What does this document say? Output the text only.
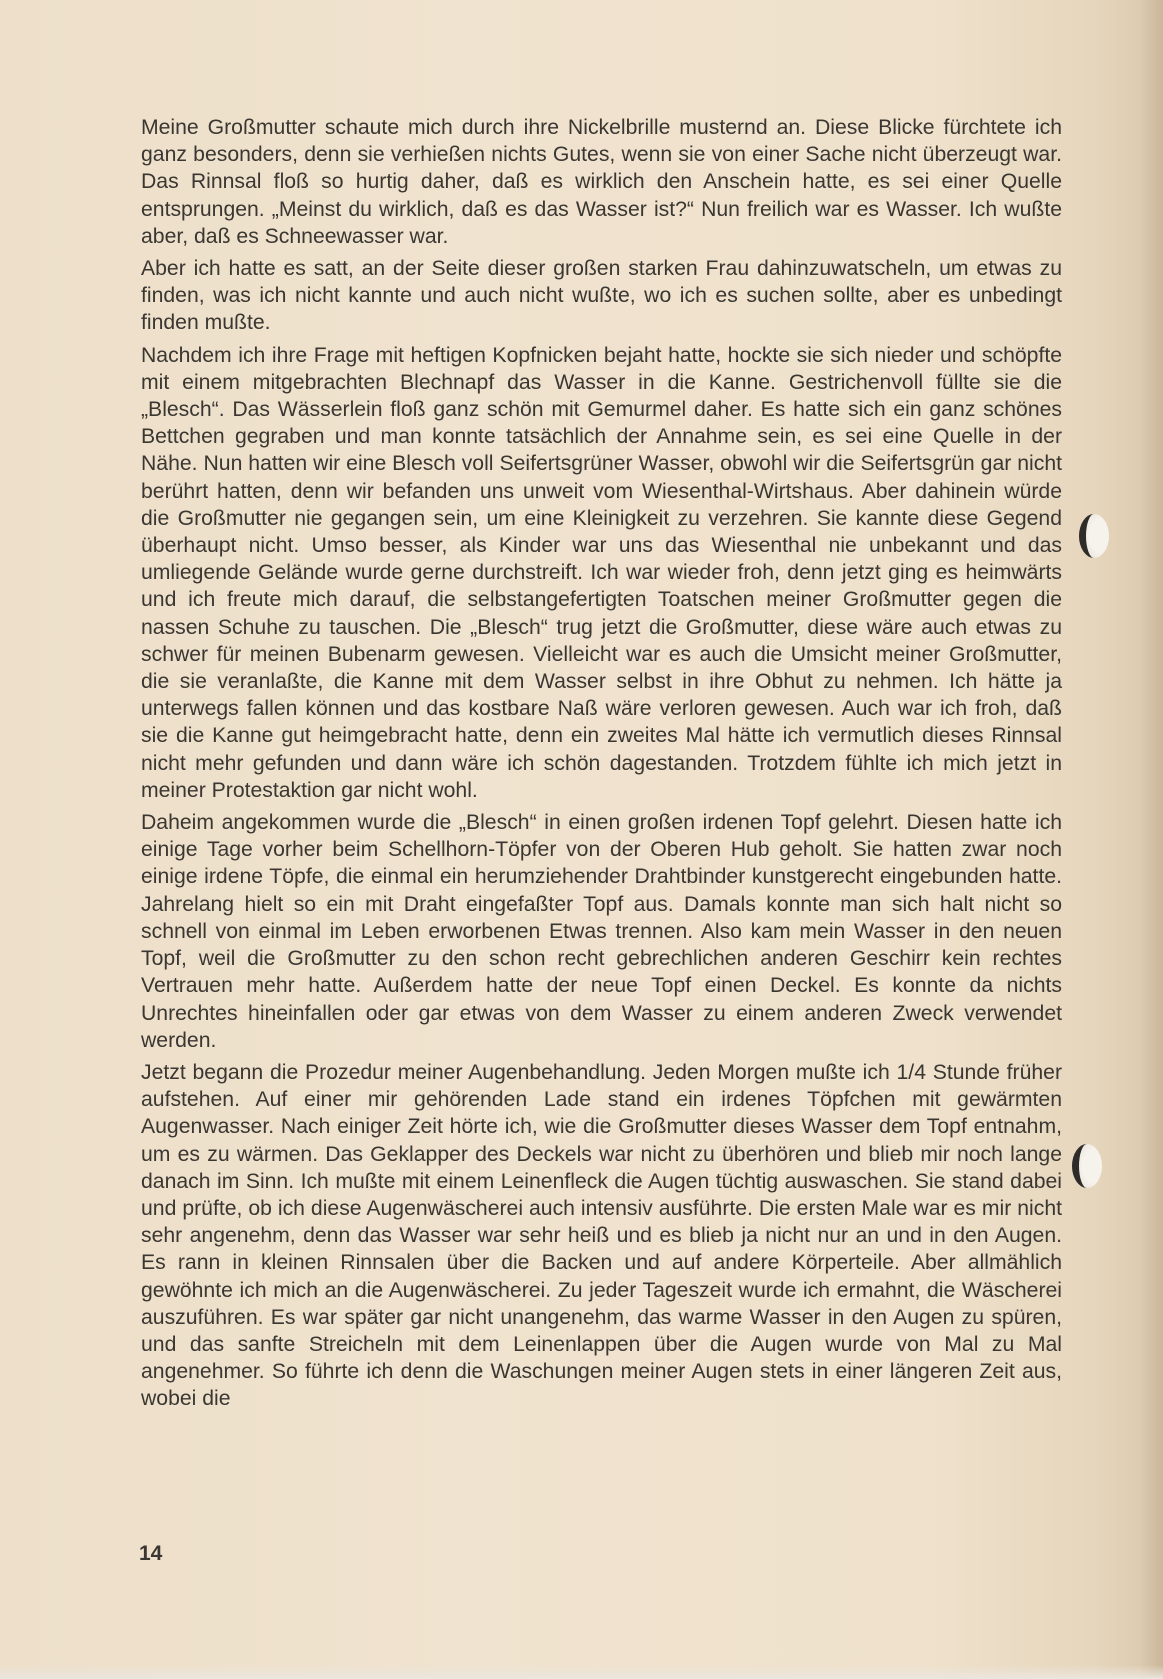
Meine Großmutter schaute mich durch ihre Nickelbrille musternd an. Diese Blicke fürchtete ich ganz besonders, denn sie verhießen nichts Gutes, wenn sie von einer Sache nicht überzeugt war. Das Rinnsal floß so hurtig daher, daß es wirklich den Anschein hatte, es sei einer Quelle entsprungen. „Meinst du wirklich, daß es das Wasser ist?“ Nun freilich war es Wasser. Ich wußte aber, daß es Schneewasser war.

Aber ich hatte es satt, an der Seite dieser großen starken Frau dahinzuwatscheln, um etwas zu finden, was ich nicht kannte und auch nicht wußte, wo ich es suchen sollte, aber es unbedingt finden mußte.

Nachdem ich ihre Frage mit heftigen Kopfnicken bejaht hatte, hockte sie sich nieder und schöpfte mit einem mitgebrachten Blechnapf das Wasser in die Kanne. Gestrichenvoll füllte sie die „Blesch“. Das Wässerlein floß ganz schön mit Gemurmel daher. Es hatte sich ein ganz schönes Bettchen gegraben und man konnte tatsächlich der Annahme sein, es sei eine Quelle in der Nähe. Nun hatten wir eine Blesch voll Seifertsgrüner Wasser, obwohl wir die Seifertsgrün gar nicht berührt hatten, denn wir befanden uns unweit vom Wiesenthal-Wirtshaus. Aber dahinein würde die Großmutter nie gegangen sein, um eine Kleinigkeit zu verzehren. Sie kannte diese Gegend überhaupt nicht. Umso besser, als Kinder war uns das Wiesenthal nie unbekannt und das umliegende Gelände wurde gerne durchstreift. Ich war wieder froh, denn jetzt ging es heimwärts und ich freute mich darauf, die selbstangefertigten Toatschen meiner Großmutter gegen die nassen Schuhe zu tauschen. Die „Blesch“ trug jetzt die Großmutter, diese wäre auch etwas zu schwer für meinen Bubenarm gewesen. Vielleicht war es auch die Umsicht meiner Großmutter, die sie veranlaßte, die Kanne mit dem Wasser selbst in ihre Obhut zu nehmen. Ich hätte ja unterwegs fallen können und das kostbare Naß wäre verloren gewesen. Auch war ich froh, daß sie die Kanne gut heimgebracht hatte, denn ein zweites Mal hätte ich vermutlich dieses Rinnsal nicht mehr gefunden und dann wäre ich schön dagestanden. Trotzdem fühlte ich mich jetzt in meiner Protestaktion gar nicht wohl.

Daheim angekommen wurde die „Blesch“ in einen großen irdenen Topf gelehrt. Diesen hatte ich einige Tage vorher beim Schellhorn-Töpfer von der Oberen Hub geholt. Sie hatten zwar noch einige irdene Töpfe, die einmal ein herumziehender Drahtbinder kunstgerecht eingebunden hatte. Jahrelang hielt so ein mit Draht eingefaßter Topf aus. Damals konnte man sich halt nicht so schnell von einmal im Leben erworbenen Etwas trennen. Also kam mein Wasser in den neuen Topf, weil die Großmutter zu den schon recht gebrechlichen anderen Geschirr kein rechtes Vertrauen mehr hatte. Außerdem hatte der neue Topf einen Deckel. Es konnte da nichts Unrechtes hineinfallen oder gar etwas von dem Wasser zu einem anderen Zweck verwendet werden.

Jetzt begann die Prozedur meiner Augenbehandlung. Jeden Morgen mußte ich 1/4 Stunde früher aufstehen. Auf einer mir gehörenden Lade stand ein irdenes Töpfchen mit gewärmten Augenwasser. Nach einiger Zeit hörte ich, wie die Großmutter dieses Wasser dem Topf entnahm, um es zu wärmen. Das Geklapper des Deckels war nicht zu überhören und blieb mir noch lange danach im Sinn. Ich mußte mit einem Leinenfleck die Augen tüchtig auswaschen. Sie stand dabei und prüfte, ob ich diese Augenwäscherei auch intensiv ausführte. Die ersten Male war es mir nicht sehr angenehm, denn das Wasser war sehr heiß und es blieb ja nicht nur an und in den Augen. Es rann in kleinen Rinnsalen über die Backen und auf andere Körperteile. Aber allmählich gewöhnte ich mich an die Augenwäscherei. Zu jeder Tageszeit wurde ich ermahnt, die Wäscherei auszuführen. Es war später gar nicht unangenehm, das warme Wasser in den Augen zu spüren, und das sanfte Streicheln mit dem Leinenlappen über die Augen wurde von Mal zu Mal angenehmer. So führte ich denn die Waschungen meiner Augen stets in einer längeren Zeit aus, wobei die

14
